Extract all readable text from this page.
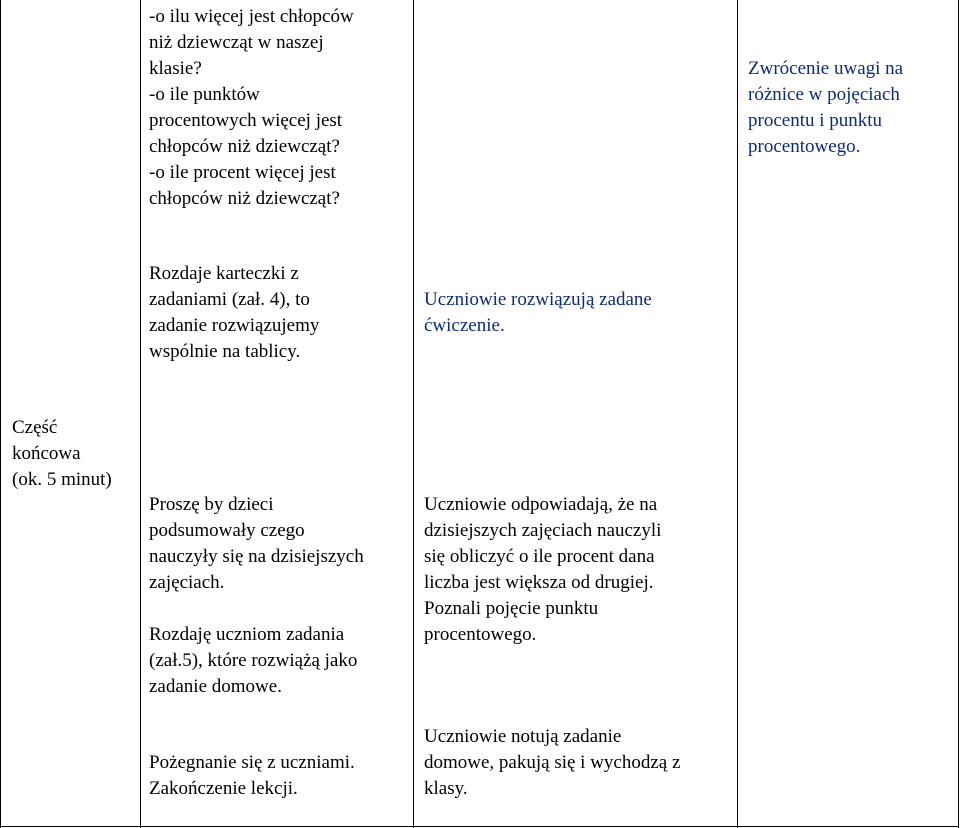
-o ilu więcej jest chłopców
niż dziewcząt w naszej
klasie?
-o ile punktów
procentowych więcej jest
chłopców niż dziewcząt?
-o ile procent więcej jest
chłopców niż dziewcząt?
Zwrócenie uwagi na
różnice w pojęciach
procentu i punktu
procentowego.
Rozdaje karteczki z
zadaniami (zał. 4), to
zadanie rozwiązujemy
wspólnie na tablicy.
Uczniowie rozwiązują zadane
ćwiczenie.
Część
końcowa
(ok. 5 minut)
Proszę by dzieci
podsumowały czego
nauczyły się na dzisiejszych
zajęciach.
Rozdaję uczniom zadania
(zał.5), które rozwiążą jako
zadanie domowe.
Pożegnanie się z uczniami.
Zakończenie lekcji.
Uczniowie odpowiadają, że na
dzisiejszych zajęciach nauczyli
się obliczyć o ile procent dana
liczba jest większa od drugiej.
Poznali pojęcie punktu
procentowego.
Uczniowie notują zadanie
domowe, pakują się i wychodzą z
klasy.
